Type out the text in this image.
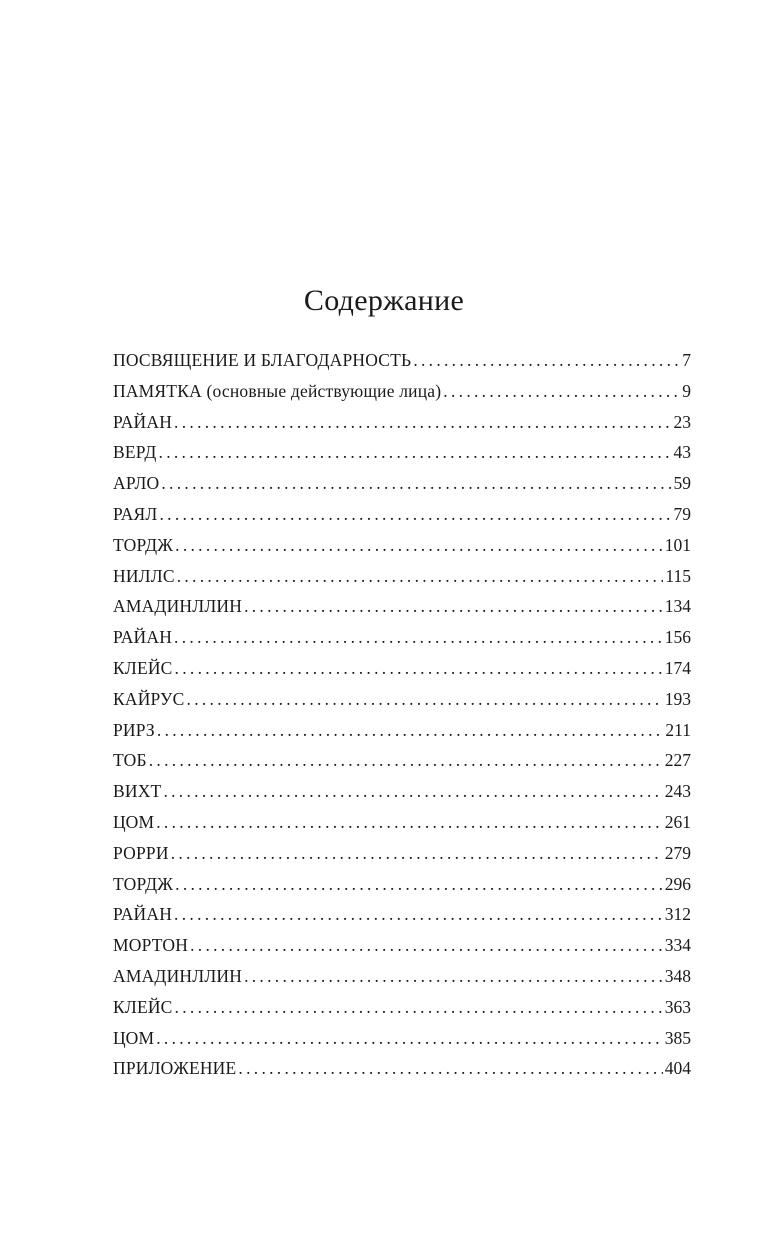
Содержание
ПОСВЯЩЕНИЕ И БЛАГОДАРНОСТЬ .....	7
ПАМЯТКА (основные действующие лица) .....	9
РАЙАН .....	23
ВЕРД .....	43
АРЛО .....	59
РАЯЛ .....	79
ТОРДЖ .....	101
НИЛЛС .....	115
АМАДИНЛЛИН .....	134
РАЙАН .....	156
КЛЕЙС .....	174
КАЙРУС .....	193
РИРЗ .....	211
ТОБ .....	227
ВИХТ .....	243
ЦОМ .....	261
РОРРИ .....	279
ТОРДЖ .....	296
РАЙАН .....	312
МОРТОН .....	334
АМАДИНЛЛИН .....	348
КЛЕЙС .....	363
ЦОМ .....	385
ПРИЛОЖЕНИЕ .....	404
